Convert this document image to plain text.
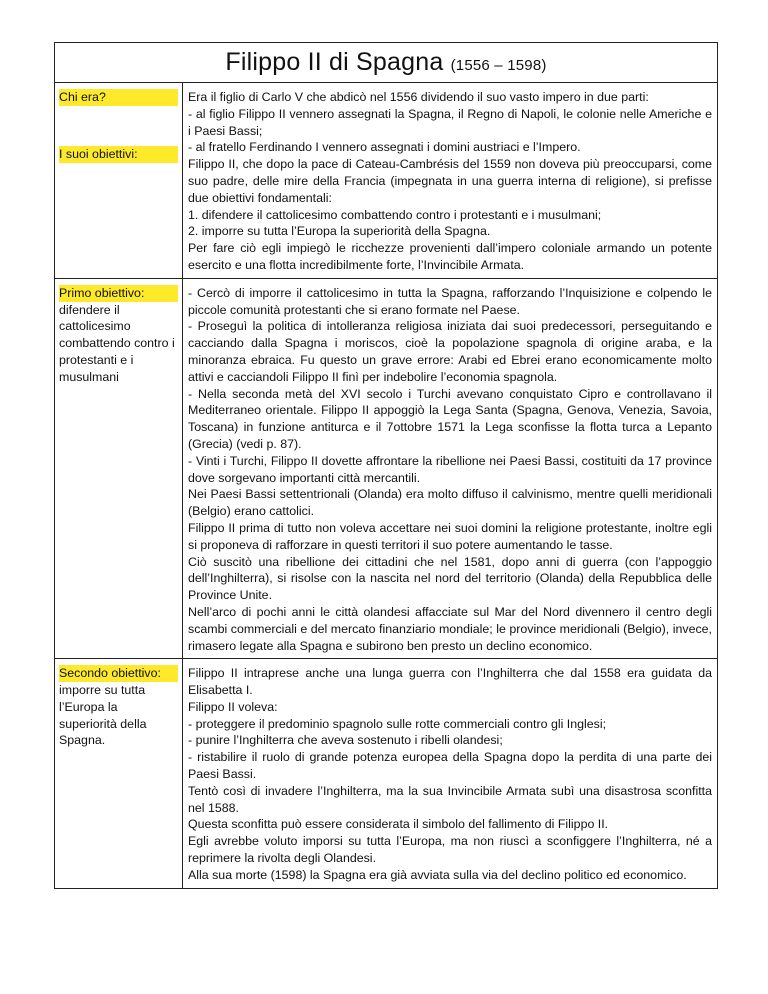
Filippo II di Spagna (1556 – 1598)
Chi era?
I suoi obiettivi:

Era il figlio di Carlo V che abdicò nel 1556 dividendo il suo vasto impero in due parti:

- al figlio Filippo II vennero assegnati la Spagna, il Regno di Napoli, le colonie nelle Americhe e i Paesi Bassi;

- al fratello Ferdinando I vennero assegnati i domini austriaci e l’Impero.

Filippo II, che dopo la pace di Cateau-Cambrésis del 1559 non doveva più preoccuparsi, come suo padre, delle mire della Francia (impegnata in una guerra interna di religione), si prefisse due obiettivi fondamentali:

1. difendere il cattolicesimo combattendo contro i protestanti e i musulmani;

2. imporre su tutta l’Europa la superiorità della Spagna.

Per fare ciò egli impiegò le ricchezze provenienti dall’impero coloniale armando un potente esercito e una flotta incredibilmente forte, l’Invincibile Armata.

Primo obiettivo:
difendere il cattolicesimo combattendo contro i protestanti e i musulmani

- Cercò di imporre il cattolicesimo in tutta la Spagna, rafforzando l’Inquisizione e colpendo le piccole comunità protestanti che si erano formate nel Paese.

- Proseguì la politica di intolleranza religiosa iniziata dai suoi predecessori, perseguitando e cacciando dalla Spagna i moriscos, cioè la popolazione spagnola di origine araba, e la minoranza ebraica. Fu questo un grave errore: Arabi ed Ebrei erano economicamente molto attivi e cacciandoli Filippo II finì per indebolire l’economia spagnola.

- Nella seconda metà del XVI secolo i Turchi avevano conquistato Cipro e controllavano il Mediterraneo orientale. Filippo II appoggiò la Lega Santa (Spagna, Genova, Venezia, Savoia, Toscana) in funzione antiturca e il 7ottobre 1571 la Lega sconfisse la flotta turca a Lepanto (Grecia) (vedi p. 87).

- Vinti i Turchi, Filippo II dovette affrontare la ribellione nei Paesi Bassi, costituiti da 17 province dove sorgevano importanti città mercantili.

Nei Paesi Bassi settentrionali (Olanda) era molto diffuso il calvinismo, mentre quelli meridionali (Belgio) erano cattolici.

Filippo II prima di tutto non voleva accettare nei suoi domini la religione protestante, inoltre egli si proponeva di rafforzare in questi territori il suo potere aumentando le tasse.

Ciò suscitò una ribellione dei cittadini che nel 1581, dopo anni di guerra (con l’appoggio dell’Inghilterra), si risolse con la nascita nel nord del territorio (Olanda) della Repubblica delle Province Unite.

Nell’arco di pochi anni le città olandesi affacciate sul Mar del Nord divennero il centro degli scambi commerciali e del mercato finanziario mondiale; le province meridionali (Belgio), invece, rimasero legate alla Spagna e subirono ben presto un declino economico.

Secondo obiettivo:
imporre su tutta l’Europa la superiorità della Spagna.

Filippo II intraprese anche una lunga guerra con l’Inghilterra che dal 1558 era guidata da Elisabetta I.

Filippo II voleva:

- proteggere il predominio spagnolo sulle rotte commerciali contro gli Inglesi;

- punire l’Inghilterra che aveva sostenuto i ribelli olandesi;

- ristabilire il ruolo di grande potenza europea della Spagna dopo la perdita di una parte dei Paesi Bassi.

Tentò così di invadere l’Inghilterra, ma la sua Invincibile Armata subì una disastrosa sconfitta nel 1588.

Questa sconfitta può essere considerata il simbolo del fallimento di Filippo II.

Egli avrebbe voluto imporsi su tutta l’Europa, ma non riuscì a sconfiggere l’Inghilterra, né a reprimere la rivolta degli Olandesi.

Alla sua morte (1598) la Spagna era già avviata sulla via del declino politico ed economico.
